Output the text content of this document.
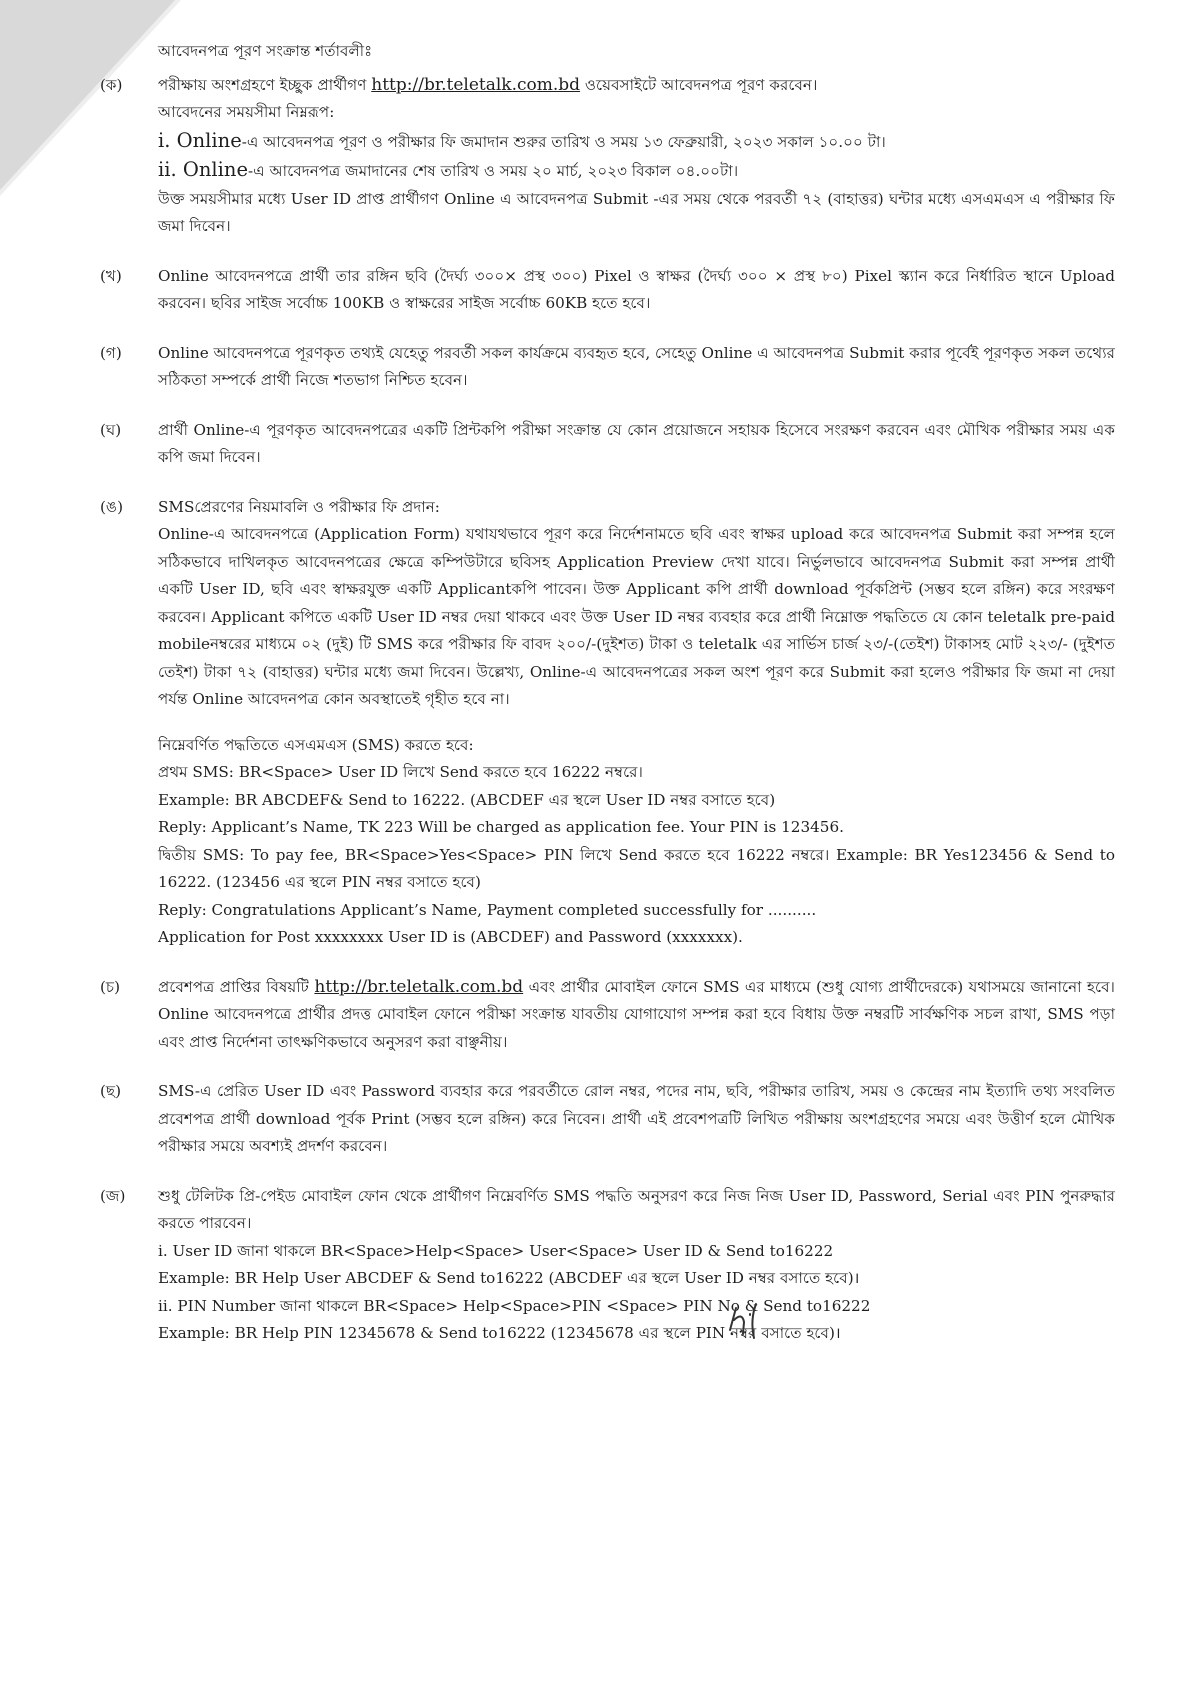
আবেদনপত্র পূরণ সংক্রান্ত শর্তাবলীঃ
(ক)	পরীক্ষায় অংশগ্রহণে ইচ্ছুক প্রার্থীগণ http://br.teletalk.com.bd ওয়েবসাইটে আবেদনপত্র পূরণ করবেন।
আবেদনের সময়সীমা নিম্নরূপ:
i. Online-এ আবেদনপত্র পূরণ ও পরীক্ষার ফি জমাদান শুরুর তারিখ ও সময় ১৩ ফেব্রুয়ারী, ২০২৩ সকাল ১০.০০ টা।
ii. Online-এ আবেদনপত্র জমাদানের শেষ তারিখ ও সময় ২০ মার্চ, ২০২৩ বিকাল ০৪.০০টা।
উক্ত সময়সীমার মধ্যে User ID প্রাপ্ত প্রার্থীগণ Online এ আবেদনপত্র Submit -এর সময় থেকে পরবর্তী ৭২ (বাহাত্তর) ঘন্টার মধ্যে এসএমএস এ পরীক্ষার ফি জমা দিবেন।
(খ)	Online আবেদনপত্রে প্রার্থী তার রঙ্গিন ছবি (দৈর্ঘ্য ৩০০× প্রস্থ ৩০০) Pixel ও স্বাক্ষর (দৈর্ঘ্য ৩০০ × প্রস্থ ৮০) Pixel স্ক্যান করে নির্ধারিত স্থানে Upload করবেন। ছবির সাইজ সর্বোচ্চ 100KB ও স্বাক্ষরের সাইজ সর্বোচ্চ 60KB হতে হবে।
(গ)	Online আবেদনপত্রে পূরণকৃত তথ্যই যেহেতু পরবর্তী সকল কার্যক্রমে ব্যবহৃত হবে, সেহেতু Online এ আবেদনপত্র Submit করার পূর্বেই পূরণকৃত সকল তথ্যের সঠিকতা সম্পর্কে প্রার্থী নিজে শতভাগ নিশ্চিত হবেন।
(ঘ)	প্রার্থী Online-এ পূরণকৃত আবেদনপত্রের একটি প্রিন্টকপি পরীক্ষা সংক্রান্ত যে কোন প্রয়োজনে সহায়ক হিসেবে সংরক্ষণ করবেন এবং মৌখিক পরীক্ষার সময় এক কপি জমা দিবেন।
(ঙ)	SMSপ্রেরণের নিয়মাবলি ও পরীক্ষার ফি প্রদান:
Online-এ আবেদনপত্রে (Application Form) যথাযথভাবে পূরণ করে নির্দেশনামতে ছবি এবং স্বাক্ষর upload করে আবেদনপত্র Submit করা সম্পন্ন হলে সঠিকভাবে দাখিলকৃত আবেদনপত্রের ক্ষেত্রে কম্পিউটারে ছবিসহ Application Preview দেখা যাবে। নির্ভুলভাবে আবেদনপত্র Submit করা সম্পন্ন প্রার্থী একটি User ID, ছবি এবং স্বাক্ষরযুক্ত একটি Applicantকপি পাবেন। উক্ত Applicant কপি প্রার্থী download পূর্বকপ্রিন্ট (সম্ভব হলে রঙ্গিন) করে সংরক্ষণ করবেন। Applicant কপিতে একটি User ID নম্বর দেয়া থাকবে এবং উক্ত User ID নম্বর ব্যবহার করে প্রার্থী নিম্নোক্ত পদ্ধতিতে যে কোন teletalk pre-paid mobileনম্বরের মাধ্যমে ০২ (দুই) টি SMS করে পরীক্ষার ফি বাবদ ২০০/-(দুইশত) টাকা ও teletalk এর সার্ভিস চার্জ ২৩/-(তেইশ) টাকাসহ মোট ২২৩/- (দুইশত তেইশ) টাকা ৭২ (বাহাত্তর) ঘন্টার মধ্যে জমা দিবেন। উল্লেখ্য, Online-এ আবেদনপত্রের সকল অংশ পূরণ করে Submit করা হলেও পরীক্ষার ফি জমা না দেয়া পর্যন্ত Online আবেদনপত্র কোন অবস্থাতেই গৃহীত হবে না।
নিম্নেবর্ণিত পদ্ধতিতে এসএমএস (SMS) করতে হবে:
প্রথম SMS: BR<Space> User ID লিখে Send করতে হবে 16222 নম্বরে।
Example: BR ABCDEF& Send to 16222. (ABCDEF এর স্থলে User ID নম্বর বসাতে হবে)
Reply: Applicant’s Name, TK 223 Will be charged as application fee. Your PIN is 123456.
দ্বিতীয় SMS: To pay fee, BR<Space>Yes<Space> PIN লিখে Send করতে হবে 16222 নম্বরে। Example: BR Yes123456 & Send to 16222. (123456 এর স্থলে PIN নম্বর বসাতে হবে)
Reply: Congratulations Applicant’s Name, Payment completed successfully for ..........
Application for Post xxxxxxxx User ID is (ABCDEF) and Password (xxxxxxx).
(চ)	প্রবেশপত্র প্রাপ্তির বিষয়টি http://br.teletalk.com.bd এবং প্রার্থীর মোবাইল ফোনে SMS এর মাধ্যমে (শুধু যোগ্য প্রার্থীদেরকে) যথাসময়ে জানানো হবে। Online আবেদনপত্রে প্রার্থীর প্রদত্ত মোবাইল ফোনে পরীক্ষা সংক্রান্ত যাবতীয় যোগাযোগ সম্পন্ন করা হবে বিধায় উক্ত নম্বরটি সার্বক্ষণিক সচল রাখা, SMS পড়া এবং প্রাপ্ত নির্দেশনা তাৎক্ষণিকভাবে অনুসরণ করা বাঞ্ছনীয়।
(ছ)	SMS-এ প্রেরিত User ID এবং Password ব্যবহার করে পরবর্তীতে রোল নম্বর, পদের নাম, ছবি, পরীক্ষার তারিখ, সময় ও কেন্দ্রের নাম ইত্যাদি তথ্য সংবলিত প্রবেশপত্র প্রার্থী download পূর্বক Print (সম্ভব হলে রঙ্গিন) করে নিবেন। প্রার্থী এই প্রবেশপত্রটি লিখিত পরীক্ষায় অংশগ্রহণের সময়ে এবং উত্তীর্ণ হলে মৌখিক পরীক্ষার সময়ে অবশ্যই প্রদর্শণ করবেন।
(জ)	শুধু টেলিটক প্রি-পেইড মোবাইল ফোন থেকে প্রার্থীগণ নিম্নেবর্ণিত SMS পদ্ধতি অনুসরণ করে নিজ নিজ User ID, Password, Serial এবং PIN পুনরুদ্ধার করতে পারবেন।
i. User ID জানা থাকলে BR<Space>Help<Space> User<Space> User ID & Send to16222
Example: BR Help User ABCDEF & Send to16222 (ABCDEF এর স্থলে User ID নম্বর বসাতে হবে)।
ii. PIN Number জানা থাকলে BR<Space> Help<Space>PIN <Space> PIN No & Send to16222
Example: BR Help PIN 12345678 & Send to16222 (12345678 এর স্থলে PIN নম্বর বসাতে হবে)।
